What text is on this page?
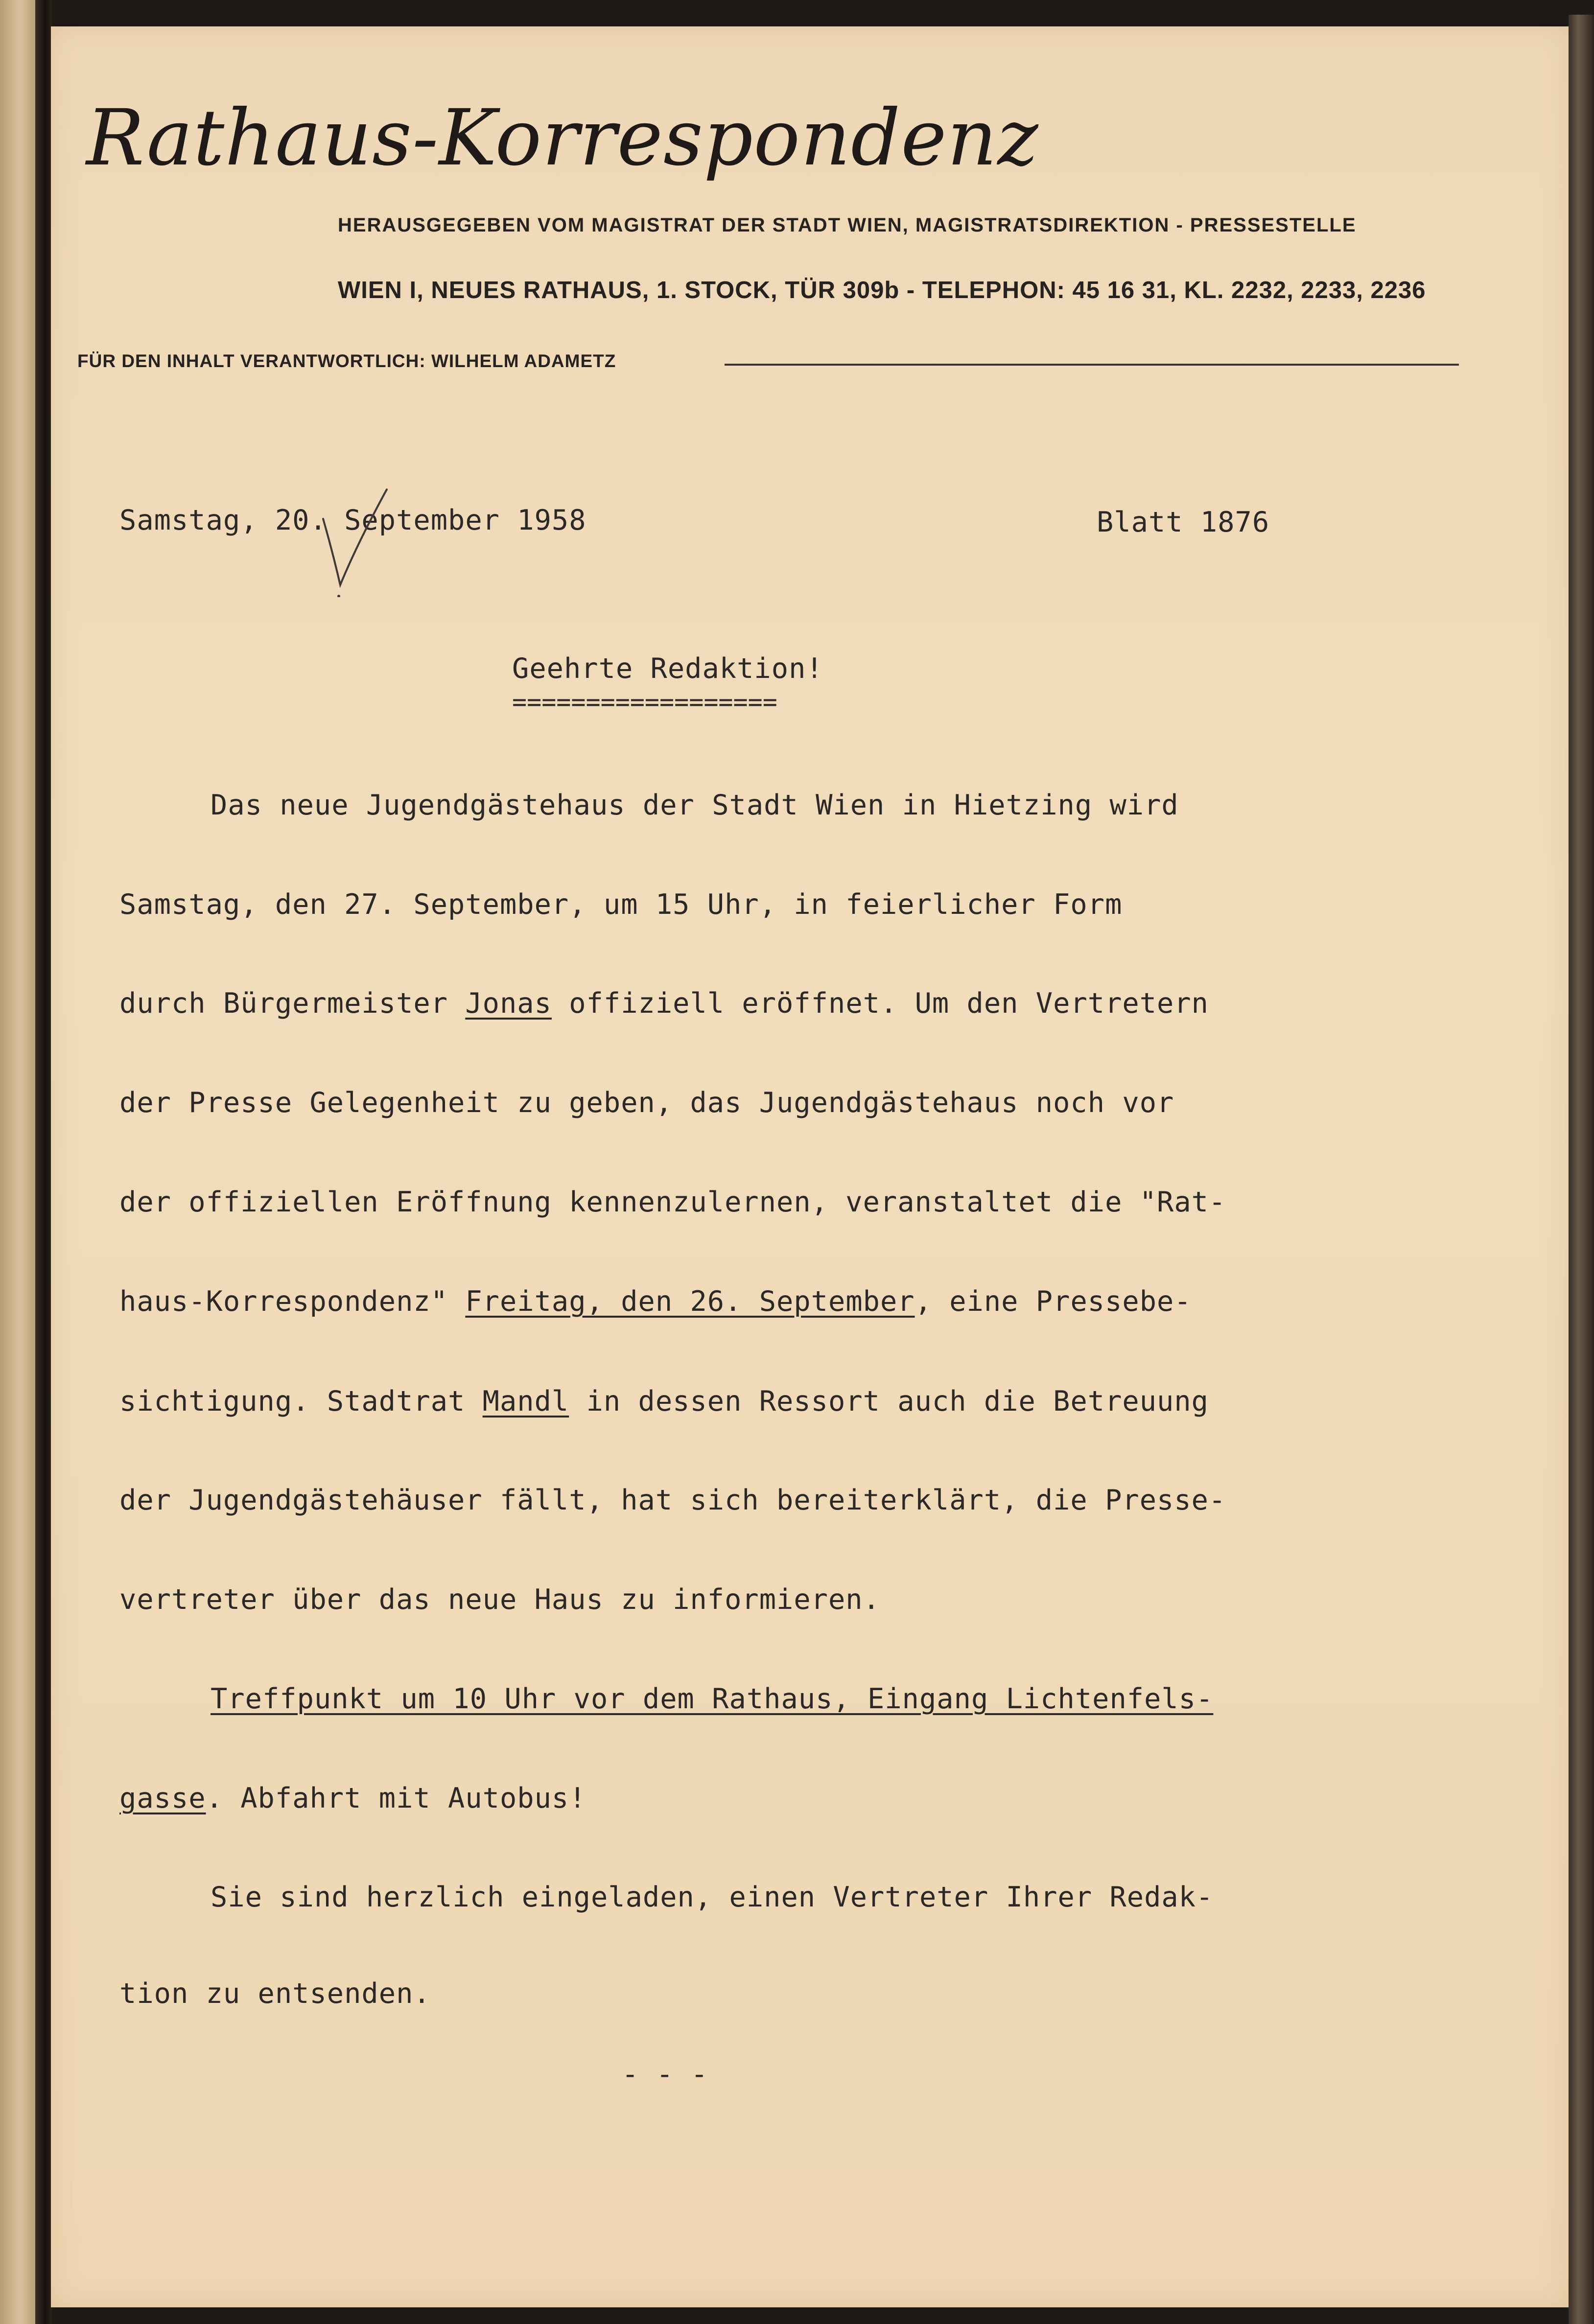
Rathaus-Korrespondenz
HERAUSGEGEBEN VOM MAGISTRAT DER STADT WIEN, MAGISTRATSDIREKTION - PRESSESTELLE
WIEN I, NEUES RATHAUS, 1. STOCK, TÜR 309b - TELEPHON: 45 16 31, KL. 2232, 2233, 2236
FÜR DEN INHALT VERANTWORTLICH: WILHELM ADAMETZ
Samstag, 20. September 1958	Blatt 1876
Geehrte Redaktion!
==================
Das neue Jugendgästehaus der Stadt Wien in Hietzing wird
Samstag, den 27. September, um 15 Uhr, in feierlicher Form
durch Bürgermeister Jonas offiziell eröffnet. Um den Vertretern
der Presse Gelegenheit zu geben, das Jugendgästehaus noch vor
der offiziellen Eröffnung kennenzulernen, veranstaltet die "Rat-
haus-Korrespondenz" Freitag, den 26. September, eine Pressebe-
sichtigung. Stadtrat Mandl in dessen Ressort auch die Betreuung
der Jugendgästehäuser fällt, hat sich bereiterklärt, die Presse-
vertreter über das neue Haus zu informieren.
Treffpunkt um 10 Uhr vor dem Rathaus, Eingang Lichtenfels-
gasse. Abfahrt mit Autobus!
Sie sind herzlich eingeladen, einen Vertreter Ihrer Redak-
tion zu entsenden.
- - -
